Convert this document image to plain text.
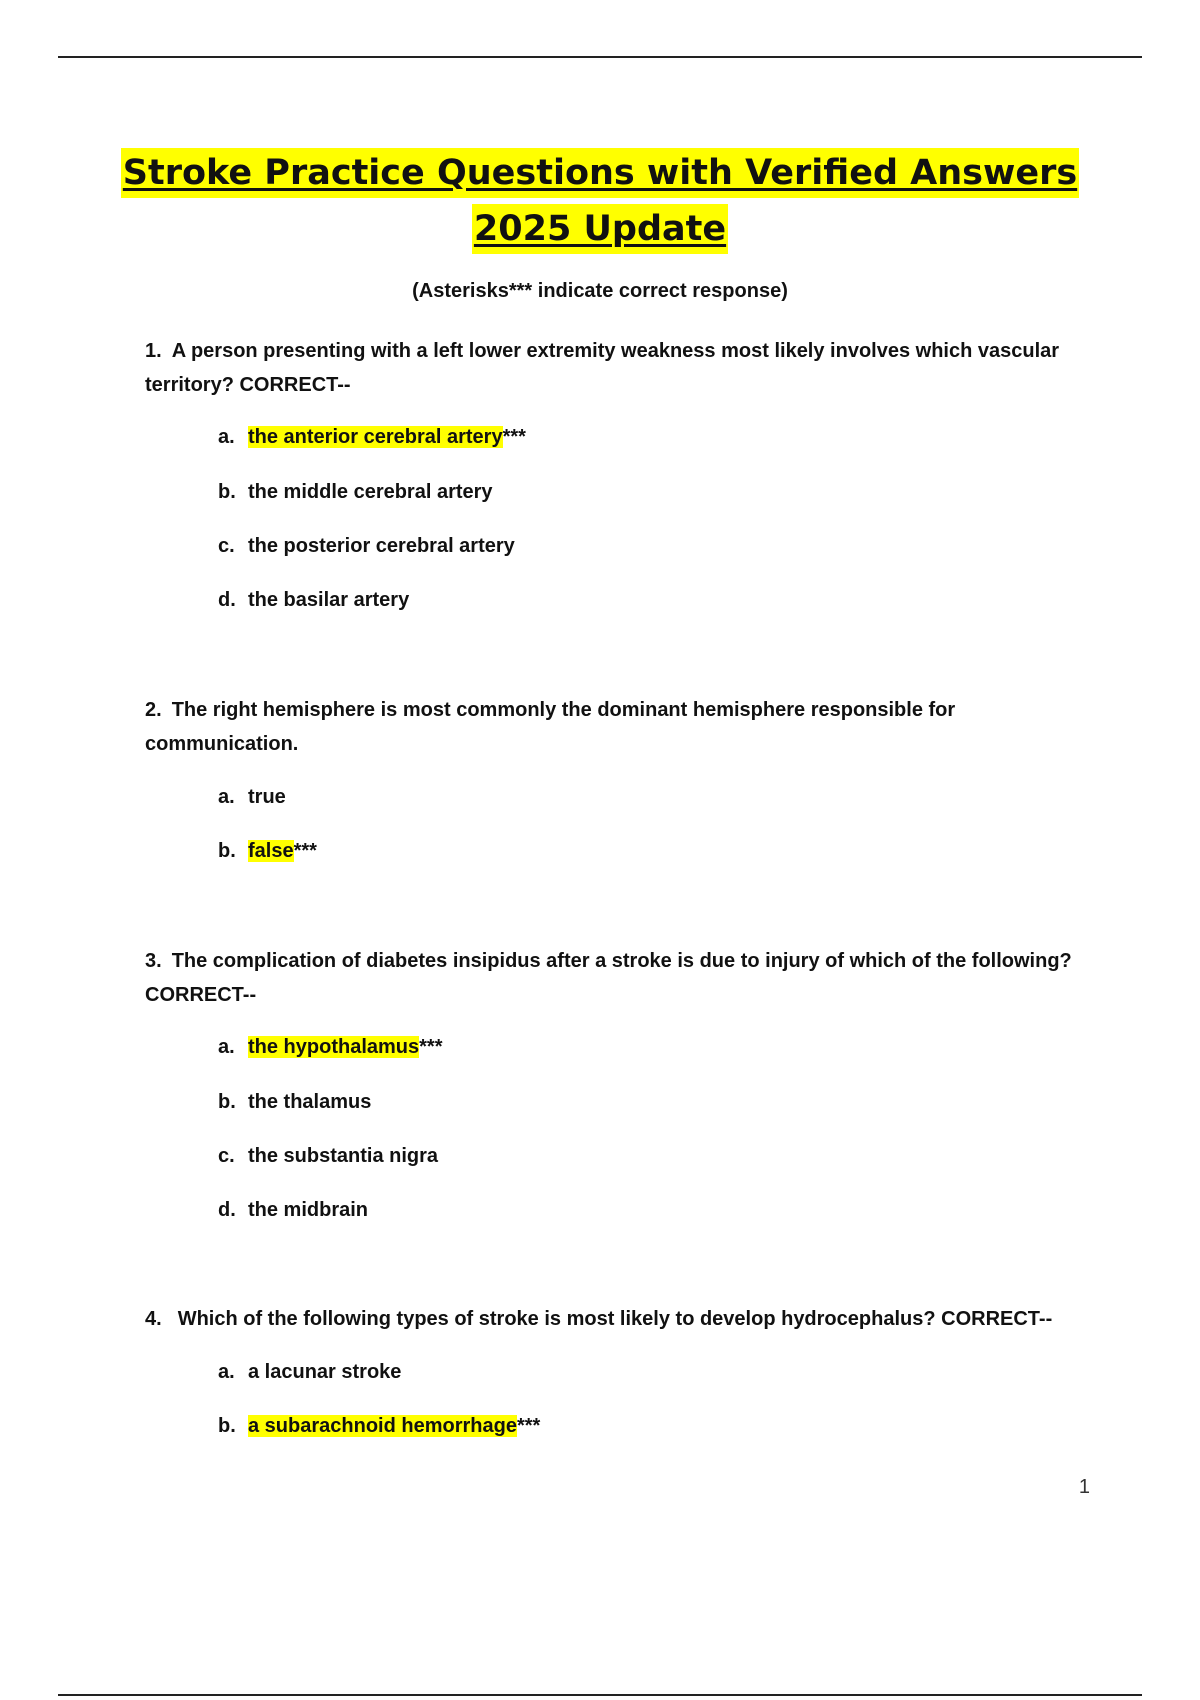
Stroke Practice Questions with Verified Answers
2025 Update
(Asterisks*** indicate correct response)
1. A person presenting with a left lower extremity weakness most likely involves which vascular territory? CORRECT--
a. the anterior cerebral artery***
b. the middle cerebral artery
c. the posterior cerebral artery
d. the basilar artery
2. The right hemisphere is most commonly the dominant hemisphere responsible for communication.
a. true
b. false***
3. The complication of diabetes insipidus after a stroke is due to injury of which of the following? CORRECT--
a. the hypothalamus***
b. the thalamus
c. the substantia nigra
d. the midbrain
4. Which of the following types of stroke is most likely to develop hydrocephalus? CORRECT--
a. a lacunar stroke
b. a subarachnoid hemorrhage***
1
